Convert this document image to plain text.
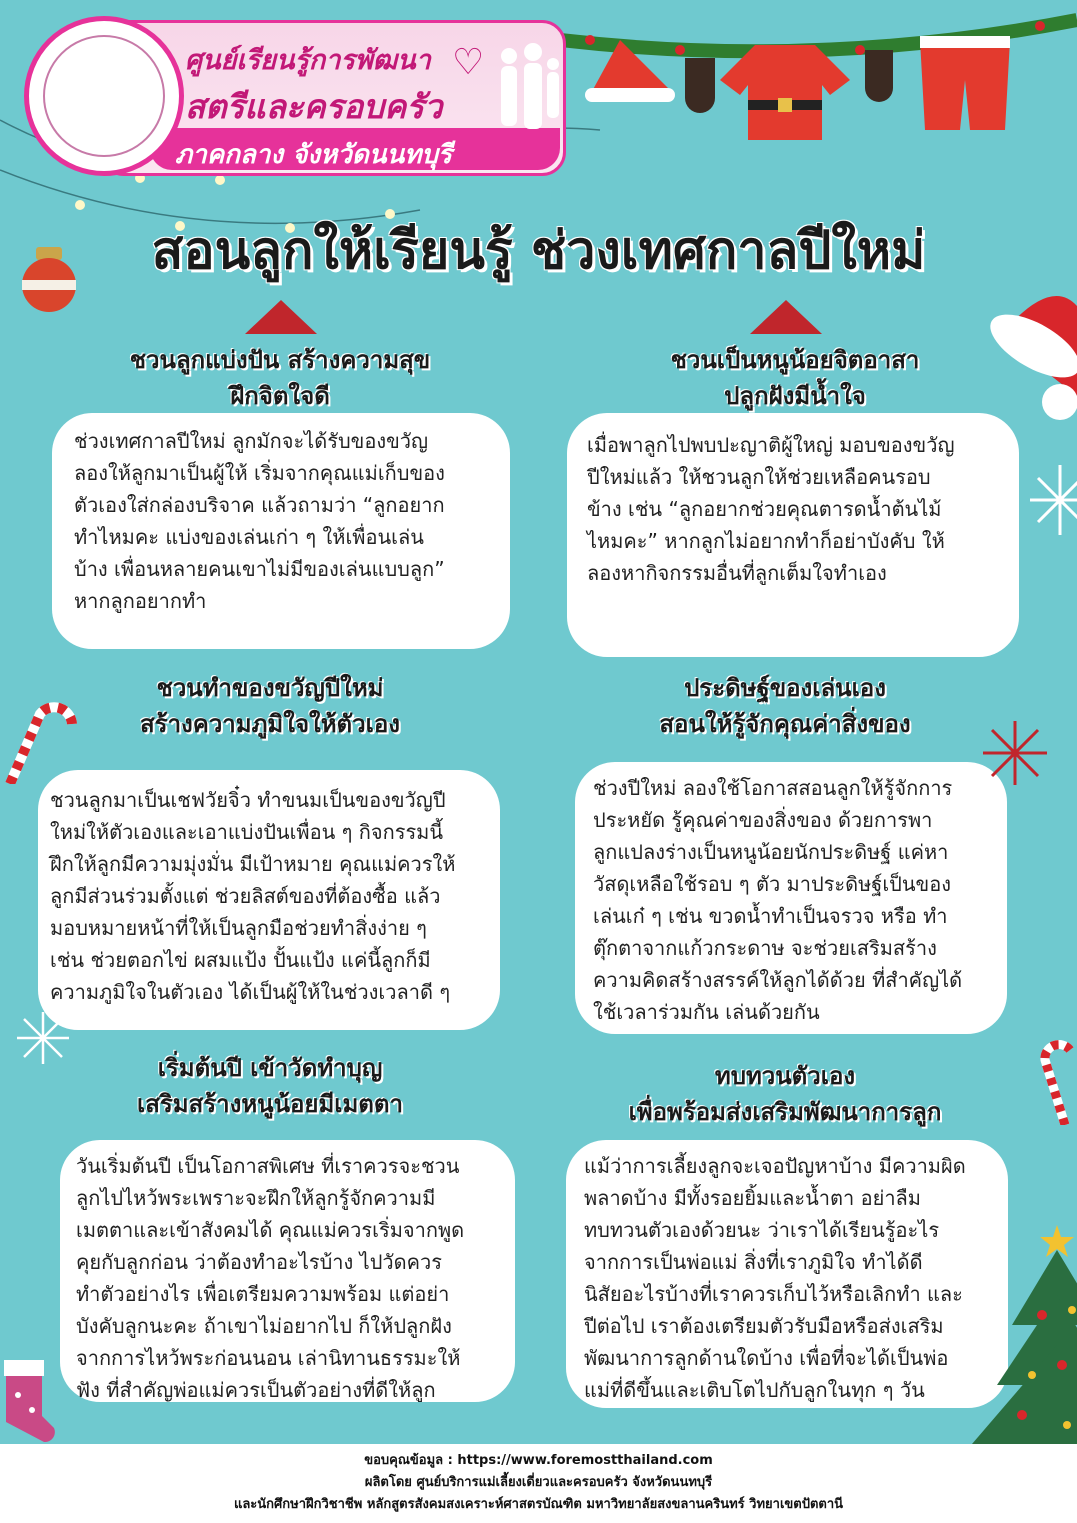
ศูนย์เรียนรู้การพัฒนา
สตรีและครอบครัว
♡
ภาคกลาง จังหวัดนนทบุรี
สอนลูกให้เรียนรู้ ช่วงเทศกาลปีใหม่
ชวนลูกแบ่งปัน สร้างความสุข
ฝึกจิตใจดี
ช่วงเทศกาลปีใหม่ ลูกมักจะได้รับของขวัญ
ลองให้ลูกมาเป็นผู้ให้ เริ่มจากคุณแม่เก็บของ
ตัวเองใส่กล่องบริจาค แล้วถามว่า “ลูกอยาก
ทำไหมคะ แบ่งของเล่นเก่า ๆ ให้เพื่อนเล่น
บ้าง เพื่อนหลายคนเขาไม่มีของเล่นแบบลูก”
หากลูกอยากทำ
ชวนเป็นหนูน้อยจิตอาสา
ปลูกฝังมีน้ำใจ
เมื่อพาลูกไปพบปะญาติผู้ใหญ่ มอบของขวัญ
ปีใหม่แล้ว ให้ชวนลูกให้ช่วยเหลือคนรอบ
ข้าง เช่น “ลูกอยากช่วยคุณตารดน้ำต้นไม้
ไหมคะ” หากลูกไม่อยากทำก็อย่าบังคับ ให้
ลองหากิจกรรมอื่นที่ลูกเต็มใจทำเอง
ชวนทำของขวัญปีใหม่
สร้างความภูมิใจให้ตัวเอง
ชวนลูกมาเป็นเชฟวัยจิ๋ว ทำขนมเป็นของขวัญปี
ใหม่ให้ตัวเองและเอาแบ่งปันเพื่อน ๆ กิจกรรมนี้
ฝึกให้ลูกมีความมุ่งมั่น มีเป้าหมาย คุณแม่ควรให้
ลูกมีส่วนร่วมตั้งแต่ ช่วยลิสต์ของที่ต้องซื้อ แล้ว
มอบหมายหน้าที่ให้เป็นลูกมือช่วยทำสิ่งง่าย ๆ
เช่น ช่วยตอกไข่ ผสมแป้ง ปั้นแป้ง แค่นี้ลูกก็มี
ความภูมิใจในตัวเอง ได้เป็นผู้ให้ในช่วงเวลาดี ๆ
ประดิษฐ์ของเล่นเอง
สอนให้รู้จักคุณค่าสิ่งของ
ช่วงปีใหม่ ลองใช้โอกาสสอนลูกให้รู้จักการ
ประหยัด รู้คุณค่าของสิ่งของ ด้วยการพา
ลูกแปลงร่างเป็นหนูน้อยนักประดิษฐ์ แค่หา
วัสดุเหลือใช้รอบ ๆ ตัว มาประดิษฐ์เป็นของ
เล่นเก๋ ๆ เช่น ขวดน้ำทำเป็นจรวจ หรือ ทำ
ตุ๊กตาจากแก้วกระดาษ จะช่วยเสริมสร้าง
ความคิดสร้างสรรค์ให้ลูกได้ด้วย ที่สำคัญได้
ใช้เวลาร่วมกัน เล่นด้วยกัน
เริ่มต้นปี เข้าวัดทำบุญ
เสริมสร้างหนูน้อยมีเมตตา
วันเริ่มต้นปี เป็นโอกาสพิเศษ ที่เราควรจะชวน
ลูกไปไหว้พระเพราะจะฝึกให้ลูกรู้จักความมี
เมตตาและเข้าสังคมได้ คุณแม่ควรเริ่มจากพูด
คุยกับลูกก่อน ว่าต้องทำอะไรบ้าง ไปวัดควร
ทำตัวอย่างไร เพื่อเตรียมความพร้อม แต่อย่า
บังคับลูกนะคะ ถ้าเขาไม่อยากไป ก็ให้ปลูกฝัง
จากการไหว้พระก่อนนอน เล่านิทานธรรมะให้
ฟัง ที่สำคัญพ่อแม่ควรเป็นตัวอย่างที่ดีให้ลูก
ทบทวนตัวเอง
เพื่อพร้อมส่งเสริมพัฒนาการลูก
แม้ว่าการเลี้ยงลูกจะเจอปัญหาบ้าง มีความผิด
พลาดบ้าง มีทั้งรอยยิ้มและน้ำตา อย่าลืม
ทบทวนตัวเองด้วยนะ ว่าเราได้เรียนรู้อะไร
จากการเป็นพ่อแม่ สิ่งที่เราภูมิใจ ทำได้ดี
นิสัยอะไรบ้างที่เราควรเก็บไว้หรือเลิกทำ และ
ปีต่อไป เราต้องเตรียมตัวรับมือหรือส่งเสริม
พัฒนาการลูกด้านใดบ้าง เพื่อที่จะได้เป็นพ่อ
แม่ที่ดีขึ้นและเติบโตไปกับลูกในทุก ๆ วัน
ขอบคุณข้อมูล : https://www.foremostthailand.com
ผลิตโดย ศูนย์บริการแม่เลี้ยงเดี่ยวและครอบครัว จังหวัดนนทบุรี
และนักศึกษาฝึกวิชาชีพ หลักสูตรสังคมสงเคราะห์ศาสตรบัณฑิต มหาวิทยาลัยสงขลานครินทร์ วิทยาเขตปัตตานี
